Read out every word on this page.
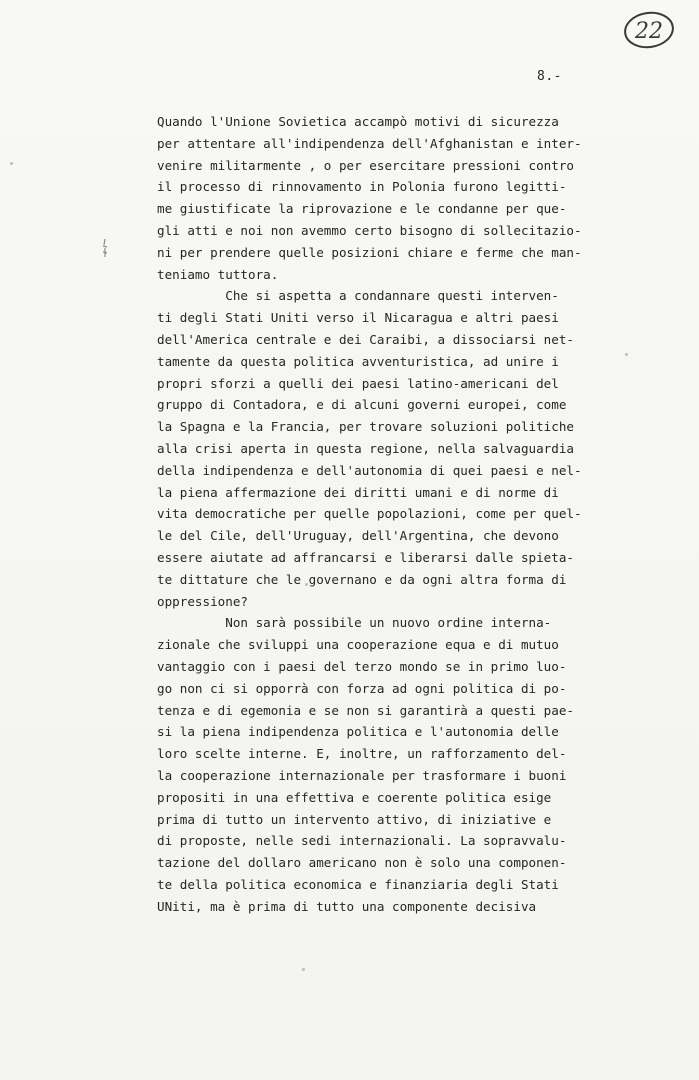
22
8.-
Quando l'Unione Sovietica accampò motivi di sicurezza
per attentare all'indipendenza dell'Afghanistan e inter-
venire militarmente , o per esercitare pressioni contro
il processo di rinnovamento in Polonia furono legitti-
me giustificate la riprovazione e le condanne per que-
gli atti e noi non avemmo certo bisogno di sollecitazio-
ni per prendere quelle posizioni chiare e ferme che man-
teniamo tuttora.
Che si aspetta a condannare questi interven-
ti degli Stati Uniti verso il Nicaragua e altri paesi
dell'America centrale e dei Caraibi, a dissociarsi net-
tamente da questa politica avventuristica, ad unire i
propri sforzi a quelli dei paesi latino-americani del
gruppo di Contadora, e di alcuni governi europei, come
la Spagna e la Francia, per trovare soluzioni politiche
alla crisi aperta in questa regione, nella salvaguardia
della indipendenza e dell'autonomia di quei paesi e nel-
la piena affermazione dei diritti umani e di norme di
vita democratiche per quelle popolazioni, come per quel-
le del Cile, dell'Uruguay, dell'Argentina, che devono
essere aiutate ad affrancarsi e liberarsi dalle spieta-
te dittature che le governano e da ogni altra forma di
oppressione?
Non sarà possibile un nuovo ordine interna-
zionale che sviluppi una cooperazione equa e di mutuo
vantaggio con i paesi del terzo mondo se in primo luo-
go non ci si opporrà con forza ad ogni politica di po-
tenza e di egemonia e se non si garantirà a questi pae-
si la piena indipendenza politica e l'autonomia delle
loro scelte interne. E, inoltre, un rafforzamento del-
la cooperazione internazionale per trasformare i buoni
propositi in una effettiva e coerente politica esige
prima di tutto un intervento attivo, di iniziative e
di proposte, nelle sedi internazionali. La sopravvalu-
tazione del dollaro americano non è solo una componen-
te della politica economica e finanziaria degli Stati
UNiti, ma è prima di tutto una componente decisiva
